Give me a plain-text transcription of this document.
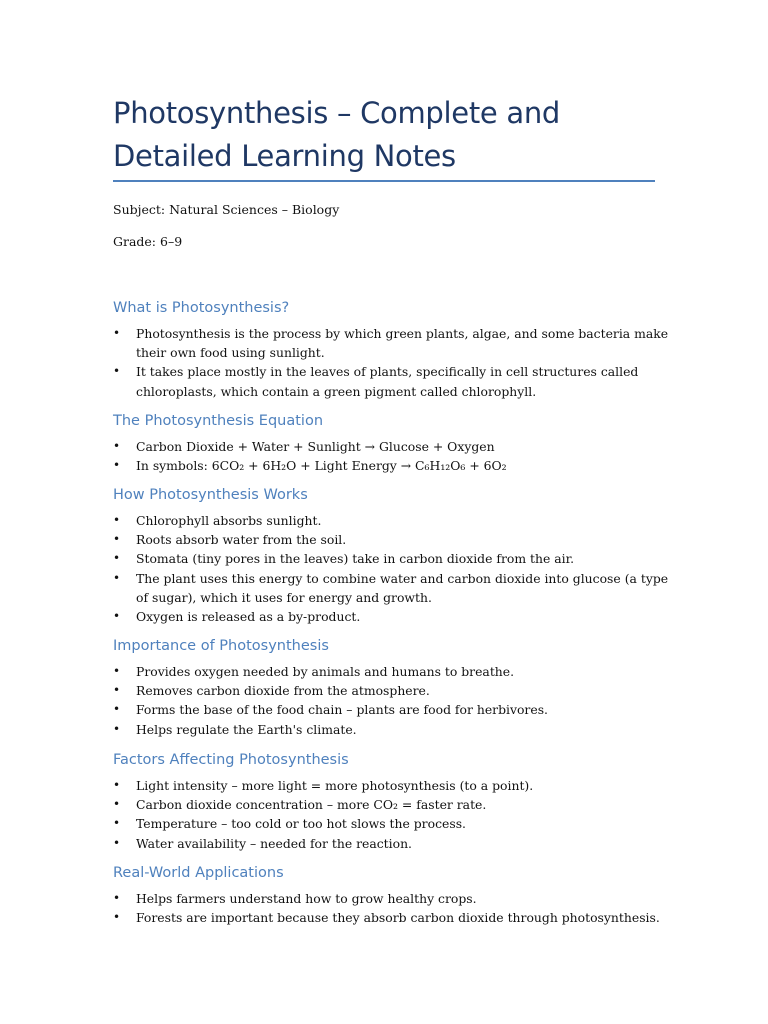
Photosynthesis – Complete and Detailed Learning Notes
Subject: Natural Sciences – Biology
Grade: 6–9
What is Photosynthesis?
• Photosynthesis is the process by which green plants, algae, and some bacteria make their own food using sunlight.
• It takes place mostly in the leaves of plants, specifically in cell structures called chloroplasts, which contain a green pigment called chlorophyll.
The Photosynthesis Equation
• Carbon Dioxide + Water + Sunlight → Glucose + Oxygen
• In symbols: 6CO₂ + 6H₂O + Light Energy → C₆H₁₂O₆ + 6O₂
How Photosynthesis Works
• Chlorophyll absorbs sunlight.
• Roots absorb water from the soil.
• Stomata (tiny pores in the leaves) take in carbon dioxide from the air.
• The plant uses this energy to combine water and carbon dioxide into glucose (a type of sugar), which it uses for energy and growth.
• Oxygen is released as a by-product.
Importance of Photosynthesis
• Provides oxygen needed by animals and humans to breathe.
• Removes carbon dioxide from the atmosphere.
• Forms the base of the food chain – plants are food for herbivores.
• Helps regulate the Earth's climate.
Factors Affecting Photosynthesis
• Light intensity – more light = more photosynthesis (to a point).
• Carbon dioxide concentration – more CO₂ = faster rate.
• Temperature – too cold or too hot slows the process.
• Water availability – needed for the reaction.
Real-World Applications
• Helps farmers understand how to grow healthy crops.
• Forests are important because they absorb carbon dioxide through photosynthesis.
